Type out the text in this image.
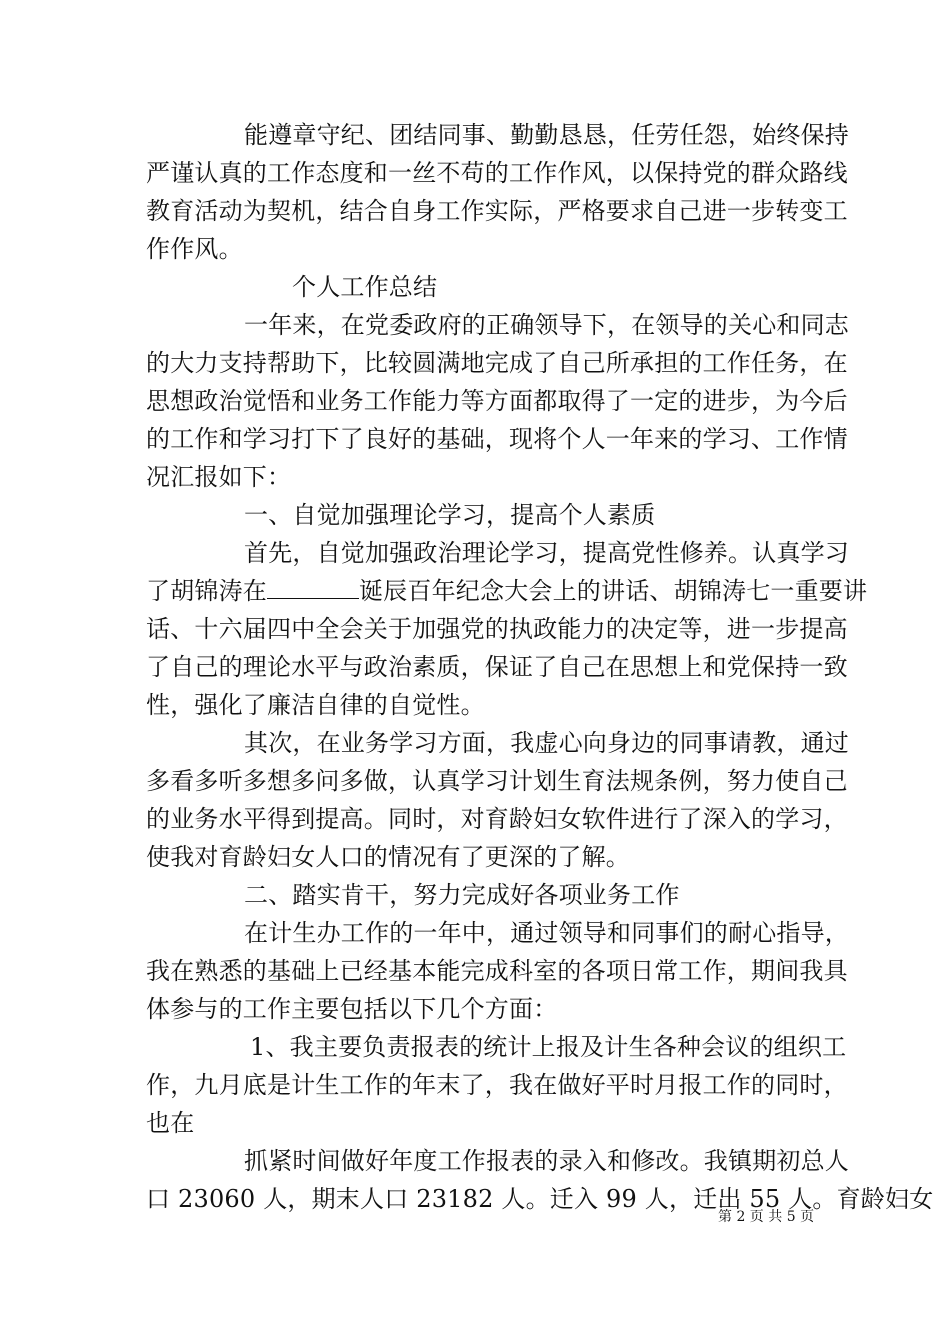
能遵章守纪、团结同事、勤勤恳恳，任劳任怨，始终保持
严谨认真的工作态度和一丝不苟的工作作风，以保持党的群众路线
教育活动为契机，结合自身工作实际，严格要求自己进一步转变工
作作风。
个人工作总结
一年来，在党委政府的正确领导下，在领导的关心和同志
的大力支持帮助下，比较圆满地完成了自己所承担的工作任务，在
思想政治觉悟和业务工作能力等方面都取得了一定的进步，为今后
的工作和学习打下了良好的基础，现将个人一年来的学习、工作情
况汇报如下：
一、自觉加强理论学习，提高个人素质
首先，自觉加强政治理论学习，提高党性修养。认真学习
了胡锦涛在	诞辰百年纪念大会上的讲话、胡锦涛七一重要讲
话、十六届四中全会关于加强党的执政能力的决定等，进一步提高
了自己的理论水平与政治素质，保证了自己在思想上和党保持一致
性，强化了廉洁自律的自觉性。
其次，在业务学习方面，我虚心向身边的同事请教，通过
多看多听多想多问多做，认真学习计划生育法规条例，努力使自己
的业务水平得到提高。同时，对育龄妇女软件进行了深入的学习，
使我对育龄妇女人口的情况有了更深的了解。
二、踏实肯干，努力完成好各项业务工作
在计生办工作的一年中，通过领导和同事们的耐心指导，
我在熟悉的基础上已经基本能完成科室的各项日常工作，期间我具
体参与的工作主要包括以下几个方面：
1、我主要负责报表的统计上报及计生各种会议的组织工
作，九月底是计生工作的年末了，我在做好平时月报工作的同时，
也在
抓紧时间做好年度工作报表的录入和修改。我镇期初总人
口 23060 人，期末人口 23182 人。迁入 99 人，迁出 55 人。育龄妇女
第 2 页 共 5 页
